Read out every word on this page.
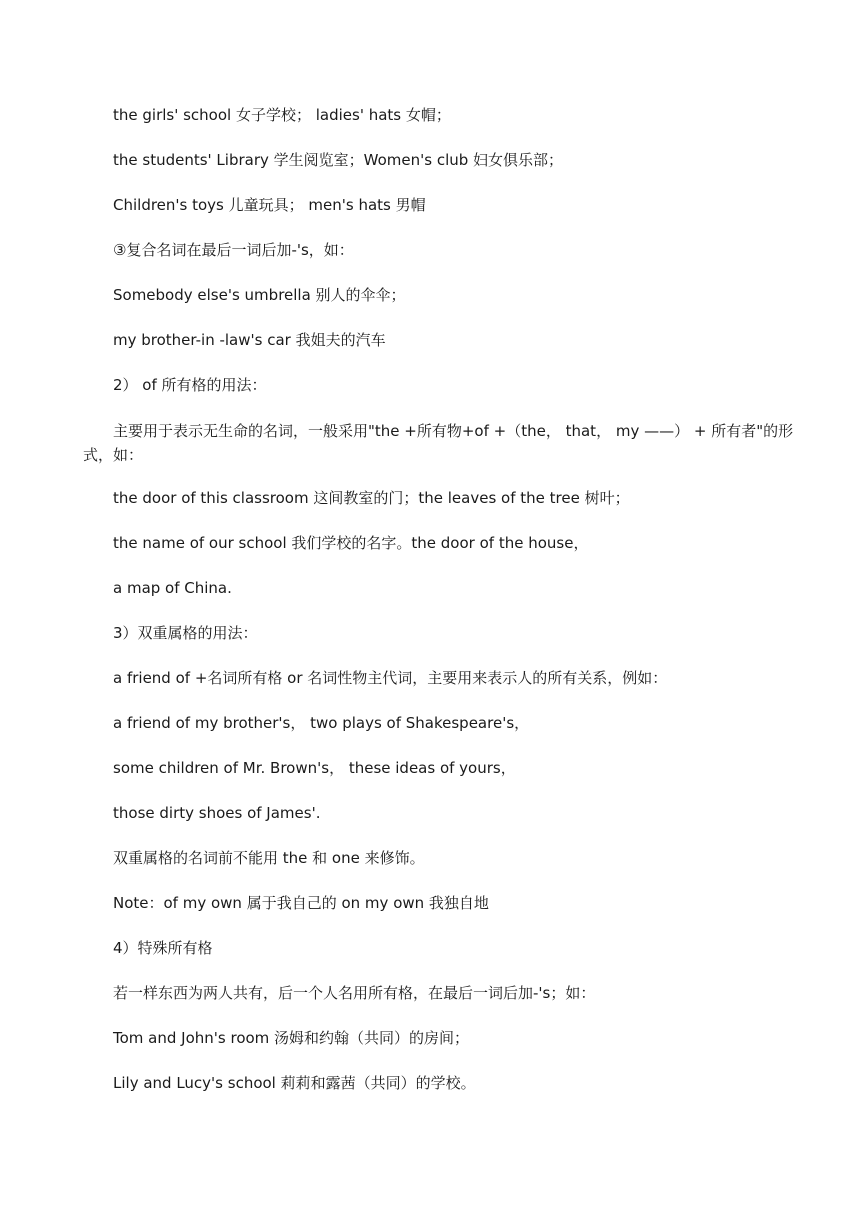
the girls' school 女子学校； ladies' hats 女帽；
the students' Library 学生阅览室；Women's club 妇女俱乐部；
Children's toys 儿童玩具； men's hats 男帽
③复合名词在最后一词后加-'s，如：
Somebody else's umbrella 别人的伞伞；
my brother-in -law's car 我姐夫的汽车
2） of 所有格的用法：
主要用于表示无生命的名词，一般采用"the +所有物+of +（the， that， my ——） + 所有者"的形式，如：
the door of this classroom 这间教室的门；the leaves of the tree 树叶；
the name of our school 我们学校的名字。the door of the house，
a map of China.
3）双重属格的用法：
a friend of +名词所有格 or 名词性物主代词，主要用来表示人的所有关系，例如：
a friend of my brother's， two plays of Shakespeare's，
some children of Mr. Brown's， these ideas of yours，
those dirty shoes of James'.
双重属格的名词前不能用 the 和 one 来修饰。
Note：of my own 属于我自己的 on my own 我独自地
4）特殊所有格
若一样东西为两人共有，后一个人名用所有格，在最后一词后加-'s；如：
Tom and John's room 汤姆和约翰（共同）的房间；
Lily and Lucy's school 莉莉和露茜（共同）的学校。
